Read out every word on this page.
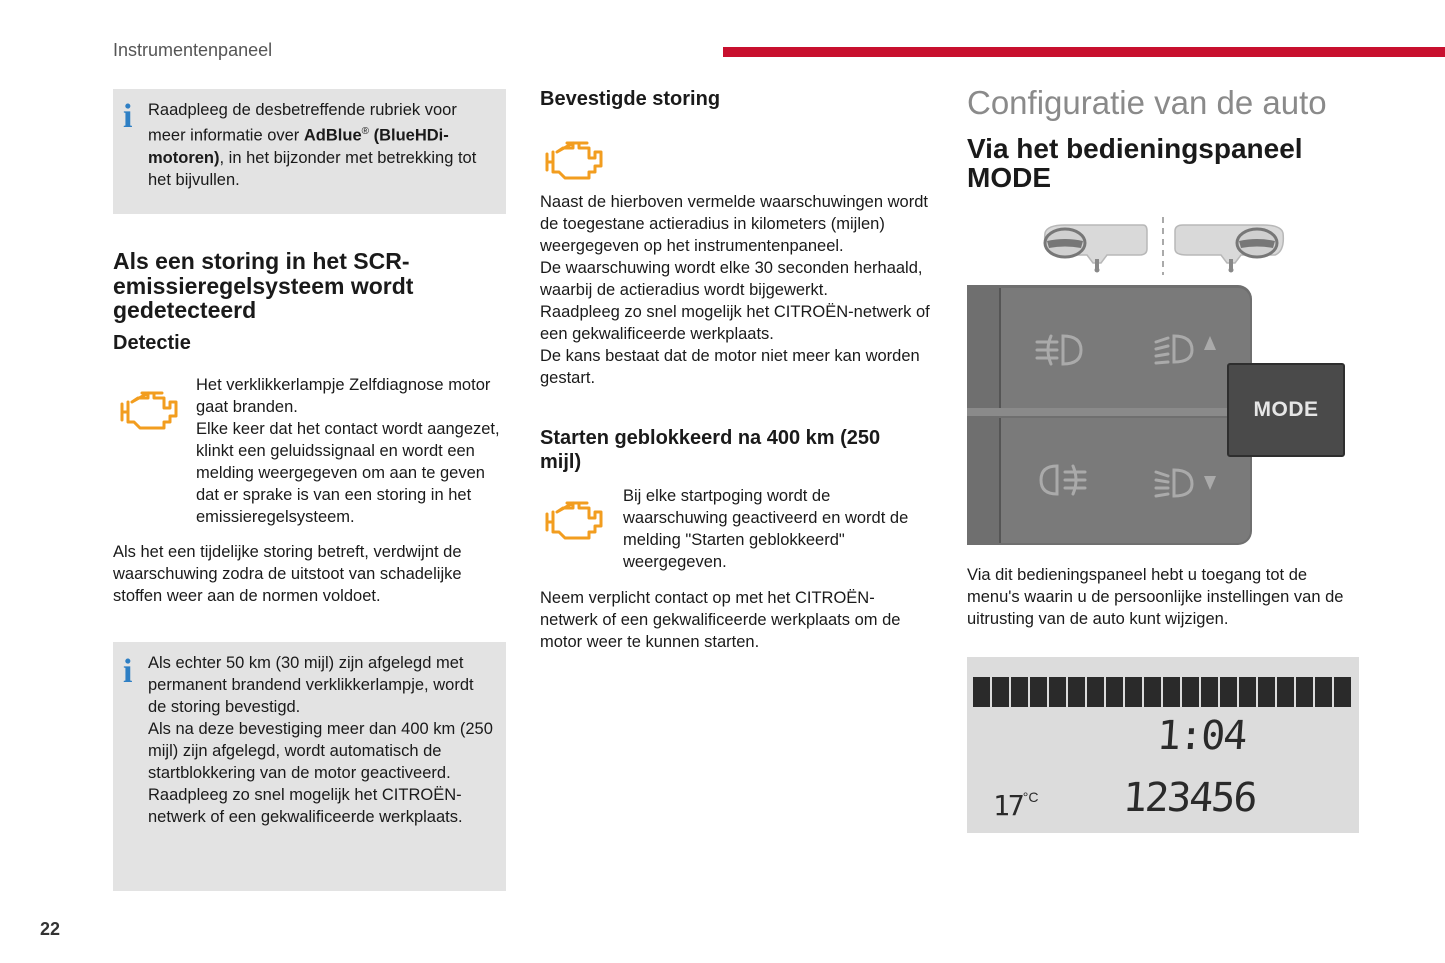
Instrumentenpaneel
i Raadpleeg de desbetreffende rubriek voor meer informatie over AdBlue® (BlueHDi-motoren), in het bijzonder met betrekking tot het bijvullen.
Als een storing in het SCR-emissieregelsysteem wordt gedetecteerd
Detectie

Het verklikkerlampje Zelfdiagnose motor gaat branden.

Elke keer dat het contact wordt aangezet, klinkt een geluidssignaal en wordt een melding weergegeven om aan te geven dat er sprake is van een storing in het emissieregelsysteem.

Als het een tijdelijke storing betreft, verdwijnt de waarschuwing zodra de uitstoot van schadelijke stoffen weer aan de normen voldoet.

i Als echter 50 km (30 mijl) zijn afgelegd met permanent brandend verklikkerlampje, wordt de storing bevestigd.

Als na deze bevestiging meer dan 400 km (250 mijl) zijn afgelegd, wordt automatisch de startblokkering van de motor geactiveerd.

Raadpleeg zo snel mogelijk het CITROËN-netwerk of een gekwalificeerde werkplaats.

Bevestigde storing

Naast de hierboven vermelde waarschuwingen wordt de toegestane actieradius in kilometers (mijlen) weergegeven op het instrumentenpaneel.

De waarschuwing wordt elke 30 seconden herhaald, waarbij de actieradius wordt bijgewerkt.

Raadpleeg zo snel mogelijk het CITROËN-netwerk of een gekwalificeerde werkplaats.

De kans bestaat dat de motor niet meer kan worden gestart.

Starten geblokkeerd na 400 km (250 mijl)

Bij elke startpoging wordt de waarschuwing geactiveerd en wordt de melding "Starten geblokkeerd" weergegeven.

Neem verplicht contact op met het CITROËN-netwerk of een gekwalificeerde werkplaats om de motor weer te kunnen starten.

Configuratie van de auto
Via het bedieningspaneel MODE
MODE

Via dit bedieningspaneel hebt u toegang tot de menu's waarin u de persoonlijke instellingen van de uitrusting van de auto kunt wijzigen.

1:04
17°C 123456
22
